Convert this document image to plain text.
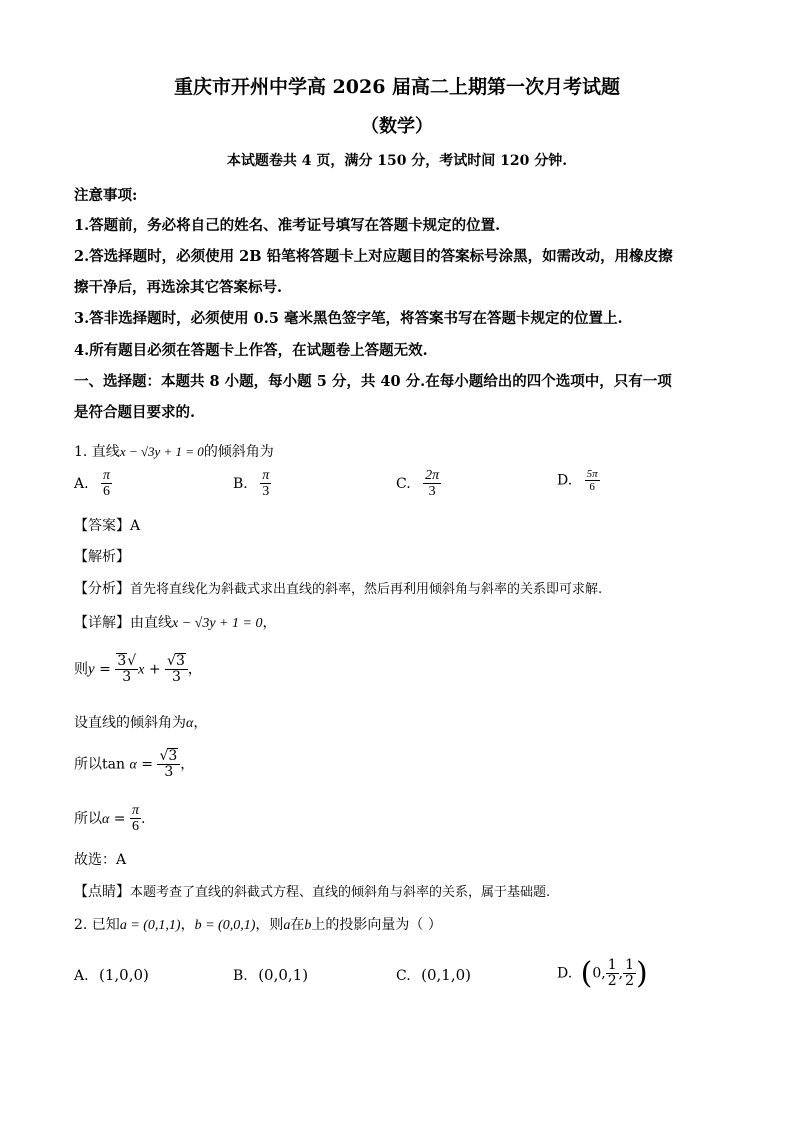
重庆市开州中学高 2026 届高二上期第一次月考试题
（数学）
本试题卷共 4 页，满分 150 分，考试时间 120 分钟.
注意事项:
1.答题前，务必将自己的姓名、准考证号填写在答题卡规定的位置.
2.答选择题时，必须使用 2B 铅笔将答题卡上对应题目的答案标号涂黑，如需改动，用橡皮擦
擦干净后，再选涂其它答案标号.
3.答非选择题时，必须使用 0.5 毫米黑色签字笔，将答案书写在答题卡规定的位置上.
4.所有题目必须在答题卡上作答，在试题卷上答题无效.
一、选择题：本题共 8 小题，每小题 5 分，共 40 分.在每小题给出的四个选项中，只有一项
是符合题目要求的.
1. 直线x − √3y + 1 = 0的倾斜角为
A. $\frac{\pi}{6}$	B. $\frac{\pi}{3}$	C. $\frac{2\pi}{3}$	D. $\frac{5\pi}{6}$
【答案】A
【解析】
【分析】首先将直线化为斜截式求出直线的斜率，然后再利用倾斜角与斜率的关系即可求解.
【详解】由直线x − √3y + 1 = 0，
则$y = \frac{3√}{3}$ $x + \frac{√3}{3}$ ，
设直线的倾斜角为α，
所以$\tan \alpha = \frac{√3}{3}$ ，
所以$\alpha = \frac{\pi}{6}$ .
故选：A
【点睛】本题考查了直线的斜截式方程、直线的倾斜角与斜率的关系，属于基础题.
2. 已知a = (0,1,1)，b = (0,0,1)，则a在b上的投影向量为（ ）
A. (1,0,0)	B. (0,0,1)	C. (0,1,0)	D. (0, $\frac{1}{2}$ , $\frac{1}{2}$ )
